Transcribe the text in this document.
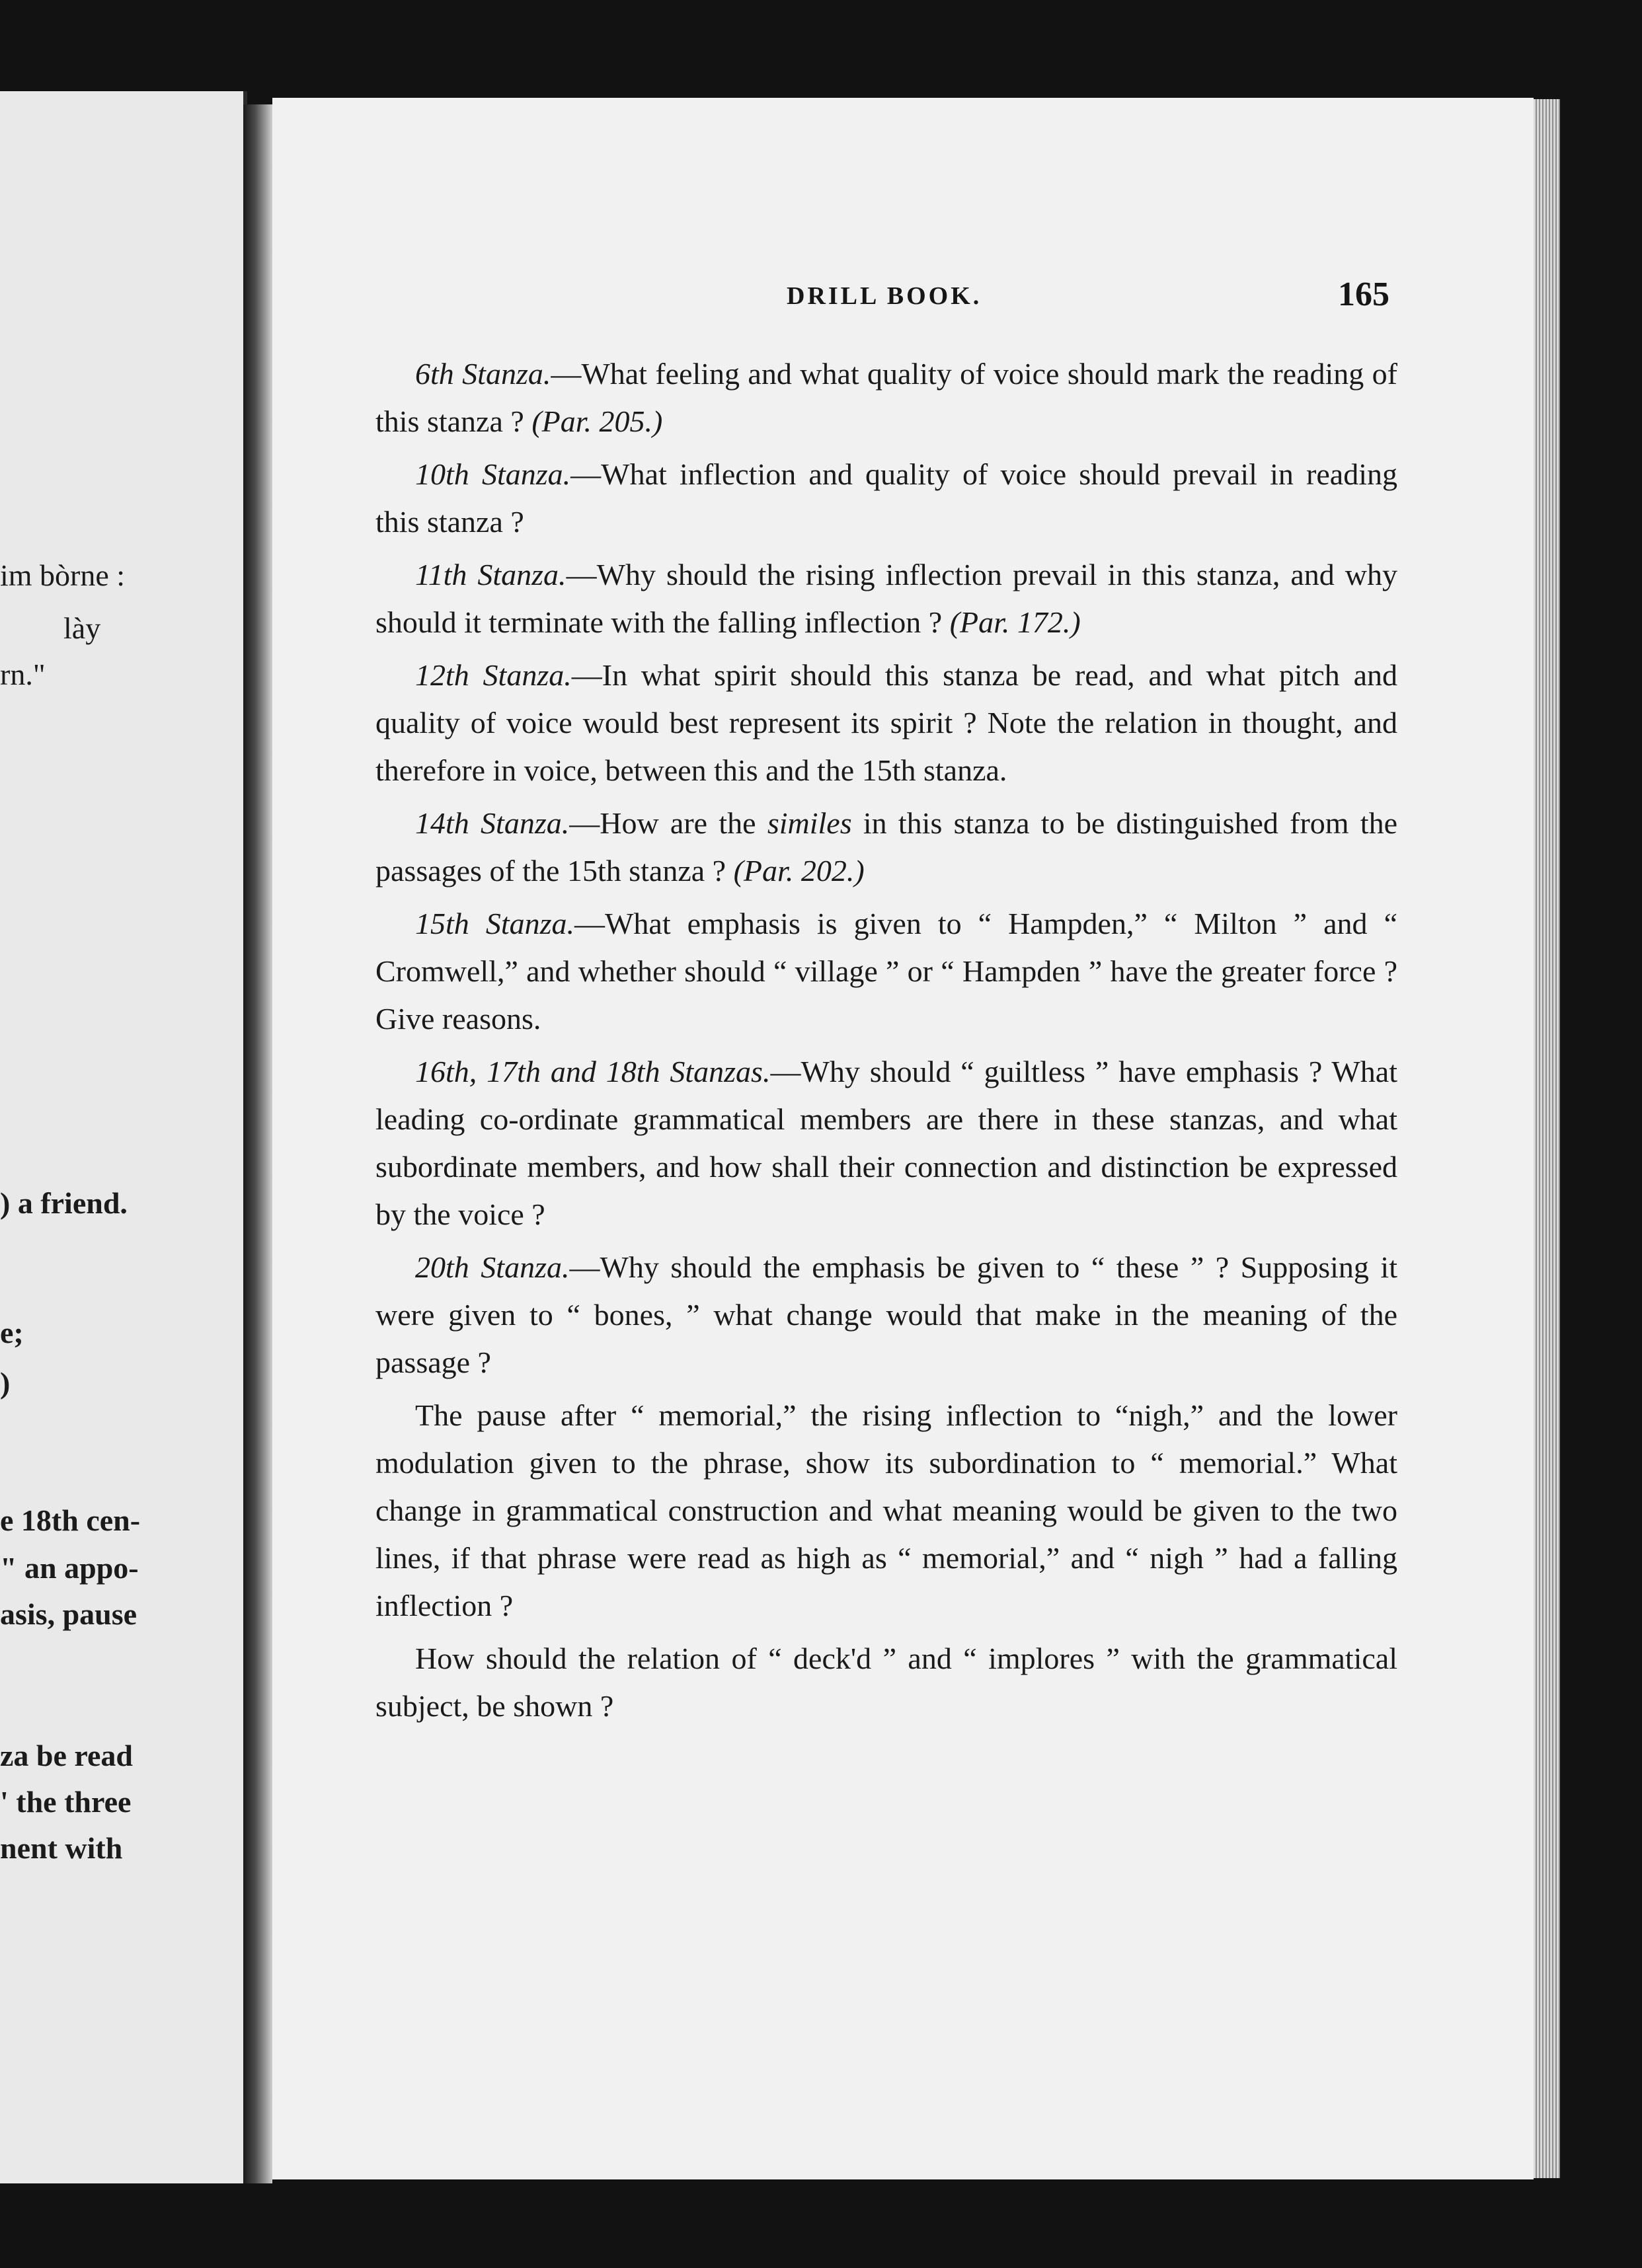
im bòrne :
lày
rn."
) a friend.
e;
)
e 18th cen-
" an appo-
asis, pause
za be read
' the three
nent with
DRILL BOOK.	165

6th Stanza.—What feeling and what quality of voice should mark the reading of this stanza ? (Par. 205.)

10th Stanza.—What inflection and quality of voice should prevail in reading this stanza ?

11th Stanza.—Why should the rising inflection prevail in this stanza, and why should it terminate with the falling inflection ? (Par. 172.)

12th Stanza.—In what spirit should this stanza be read, and what pitch and quality of voice would best represent its spirit ? Note the relation in thought, and therefore in voice, between this and the 15th stanza.

14th Stanza.—How are the similes in this stanza to be distinguished from the passages of the 15th stanza ? (Par. 202.)

15th Stanza.—What emphasis is given to “ Hampden,” “ Milton ” and “ Cromwell,” and whether should “ village ” or “ Hampden ” have the greater force ? Give reasons.

16th, 17th and 18th Stanzas.—Why should “ guiltless ” have emphasis ? What leading co-ordinate grammatical members are there in these stanzas, and what subordinate members, and how shall their connection and distinction be expressed by the voice ?

20th Stanza.—Why should the emphasis be given to “ these ” ? Supposing it were given to “ bones, ” what change would that make in the meaning of the passage ?

The pause after “ memorial,” the rising inflection to “nigh,” and the lower modulation given to the phrase, show its subordination to “ memorial.” What change in grammatical construction and what meaning would be given to the two lines, if that phrase were read as high as “ memorial,” and “ nigh ” had a falling inflection ?

How should the relation of “ deck'd ” and “ implores ” with the grammatical subject, be shown ?
